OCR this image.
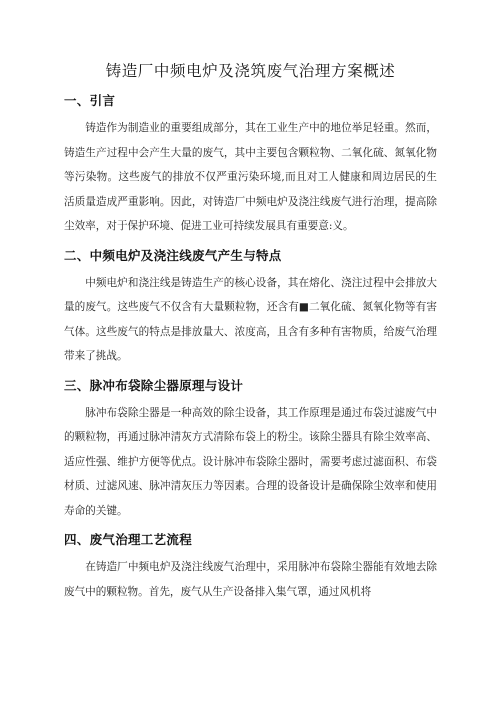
铸造厂中频电炉及浇筑废气治理方案概述
一、引言

铸造作为制造业的重要组成部分，其在工业生产中的地位举足轻重。然而，铸造生产过程中会产生大量的废气，其中主要包含颗粒物、二氧化硫、氮氧化物等污染物。这些废气的排放不仅严重污染环境,而且对工人健康和周边居民的生活质量造成严重影响。因此，对铸造厂中频电炉及浇注线废气进行治理，提高除尘效率，对于保护环境、促进工业可持续发展具有重要意:义。

二、中频电炉及浇注线废气产生与特点

中频电炉和浇注线是铸造生产的核心设备，其在熔化、浇注过程中会排放大量的废气。这些废气不仅含有大量颗粒物，还含有■二氧化硫、氮氧化物等有害气体。这些废气的特点是排放量大、浓度高，且含有多种有害物质，给废气治理带来了挑战。

三、脉冲布袋除尘器原理与设计

脉冲布袋除尘器是一种高效的除尘设备，其工作原理是通过布袋过滤废气中的颗粒物，再通过脉冲清灰方式清除布袋上的粉尘。该除尘器具有除尘效率高、适应性强、维护方便等优点。设计脉冲布袋除尘器时，需要考虑过滤面积、布袋材质、过滤风速、脉冲清灰压力等因素。合理的设备设计是确保除尘效率和使用寿命的关键。

四、废气治理工艺流程

在铸造厂中频电炉及浇注线废气治理中，采用脉冲布袋除尘器能有效地去除废气中的颗粒物。首先，废气从生产设备排入集气罩，通过风机将
